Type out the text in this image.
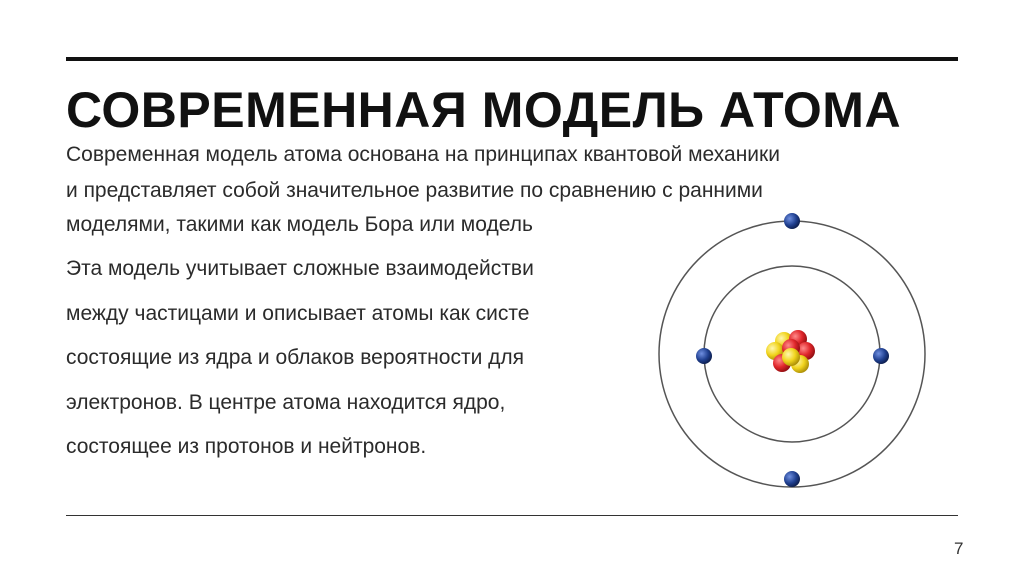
СОВРЕМЕННАЯ МОДЕЛЬ АТОМА
Современная модель атома основана на принципах квантовой механики
и представляет собой значительное развитие по сравнению с ранними
моделями, такими как модель Бора или модель
Эта модель учитывает сложные взаимодействи
между частицами и описывает атомы как систе
состоящие из ядра и облаков вероятности для
электронов. В центре атома находится ядро,
состоящее из протонов и нейтронов.
7
